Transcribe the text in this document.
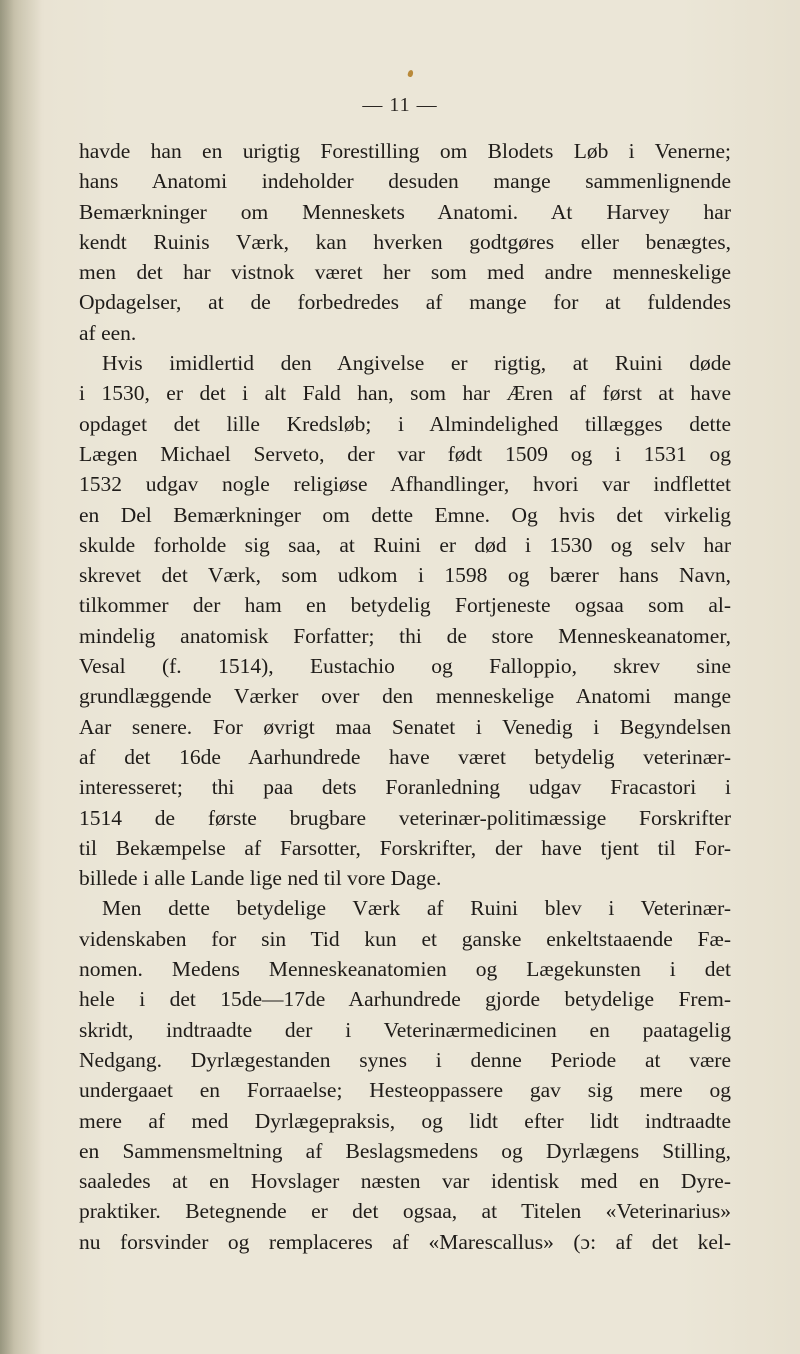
— 11 —
havde han en urigtig Forestilling om Blodets Løb i Venerne;
hans Anatomi indeholder desuden mange sammenlignende
Bemærkninger om Menneskets Anatomi. At Harvey har
kendt Ruinis Værk, kan hverken godtgøres eller benægtes,
men det har vistnok været her som med andre menneskelige
Opdagelser, at de forbedredes af mange for at fuldendes
af een.
Hvis imidlertid den Angivelse er rigtig, at Ruini døde
i 1530, er det i alt Fald han, som har Æren af først at have
opdaget det lille Kredsløb; i Almindelighed tillægges dette
Lægen Michael Serveto, der var født 1509 og i 1531 og
1532 udgav nogle religiøse Afhandlinger, hvori var indflettet
en Del Bemærkninger om dette Emne. Og hvis det virkelig
skulde forholde sig saa, at Ruini er død i 1530 og selv har
skrevet det Værk, som udkom i 1598 og bærer hans Navn,
tilkommer der ham en betydelig Fortjeneste ogsaa som al-
mindelig anatomisk Forfatter; thi de store Menneskeanatomer,
Vesal (f. 1514), Eustachio og Falloppio, skrev sine
grundlæggende Værker over den menneskelige Anatomi mange
Aar senere. For øvrigt maa Senatet i Venedig i Begyndelsen
af det 16de Aarhundrede have været betydelig veterinær-
interesseret; thi paa dets Foranledning udgav Fracastori i
1514 de første brugbare veterinær-politimæssige Forskrifter
til Bekæmpelse af Farsotter, Forskrifter, der have tjent til For-
billede i alle Lande lige ned til vore Dage.
Men dette betydelige Værk af Ruini blev i Veterinær-
videnskaben for sin Tid kun et ganske enkeltstaaende Fæ-
nomen. Medens Menneskeanatomien og Lægekunsten i det
hele i det 15de—17de Aarhundrede gjorde betydelige Frem-
skridt, indtraadte der i Veterinærmedicinen en paatagelig
Nedgang. Dyrlægestanden synes i denne Periode at være
undergaaet en Forraaelse; Hesteoppassere gav sig mere og
mere af med Dyrlægepraksis, og lidt efter lidt indtraadte
en Sammensmeltning af Beslagsmedens og Dyrlægens Stilling,
saaledes at en Hovslager næsten var identisk med en Dyre-
praktiker. Betegnende er det ogsaa, at Titelen «Veterinarius»
nu forsvinder og remplaceres af «Marescallus» (ɔ: af det kel-
